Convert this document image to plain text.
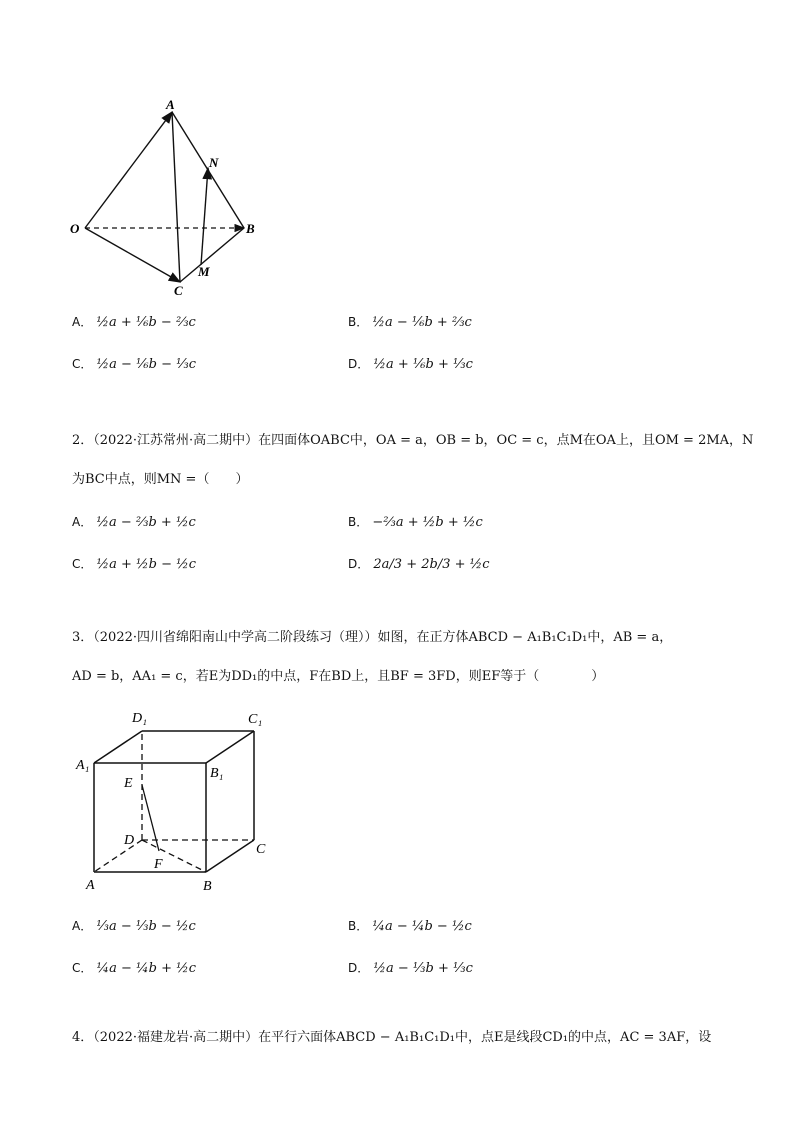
A
N
O	B
C
M
A． ½a + ⅙b − ⅔c	B． ½a − ⅙b + ⅔c
C． ½a − ⅙b − ⅓c	D． ½a + ⅙b + ⅓c
2．（2022·江苏常州·高二期中）在四面体OABC中，OA = a，OB = b，OC = c，点M在OA上，且OM = 2MA，N
为BC中点，则MN =（　　）
A． ½a − ⅔b + ½c	B． −⅔a + ½b + ½c
C． ½a + ½b − ½c	D． 2a/3 + 2b/3 + ½c
3．（2022·四川省绵阳南山中学高二阶段练习（理））如图，在正方体ABCD − A₁B₁C₁D₁中，AB = a，
AD = b，AA₁ = c，若E为DD₁的中点，F在BD上，且BF = 3FD，则EF等于（　　　　）
D₁	C₁
A₁
B₁
E
D
C
F
A	B
A． ⅓a − ⅓b − ½c	B． ¼a − ¼b − ½c
C． ¼a − ¼b + ½c	D． ½a − ⅓b + ⅓c
4．（2022·福建龙岩·高二期中）在平行六面体ABCD − A₁B₁C₁D₁中，点E是线段CD₁的中点，AC = 3AF，设
